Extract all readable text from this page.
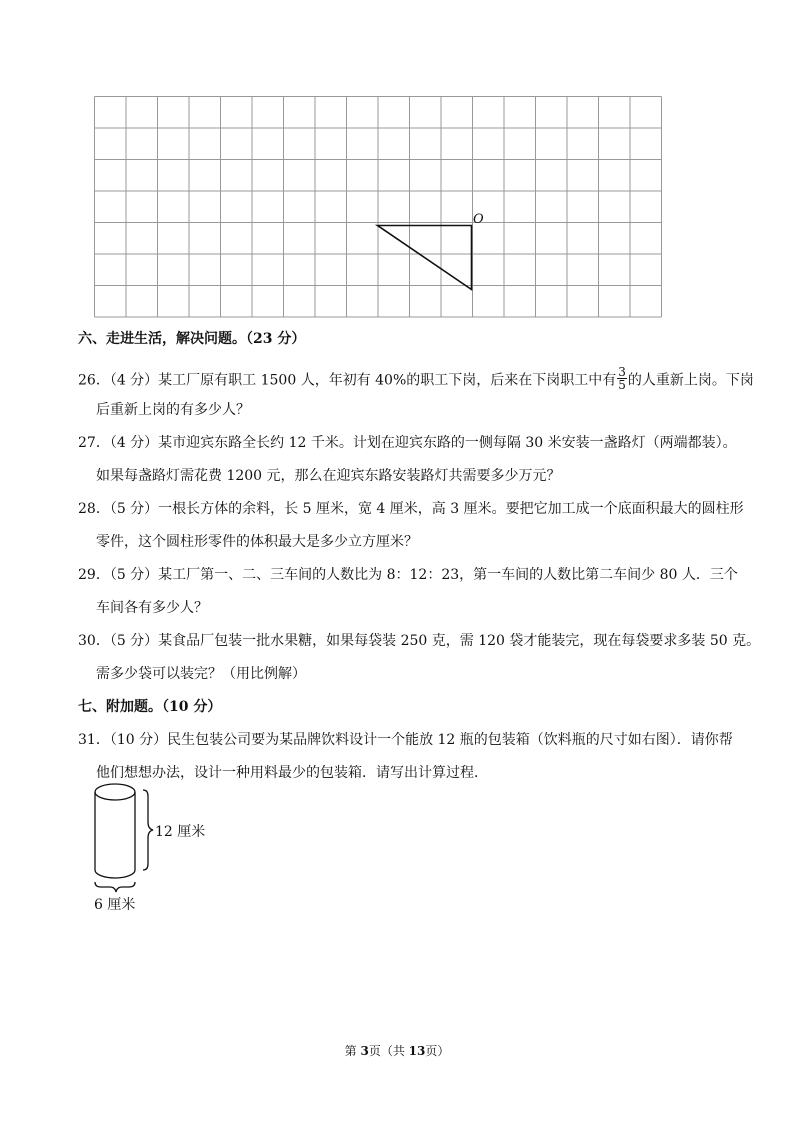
O
六、走进生活，解决问题。（23 分）
26．（4 分）某工厂原有职工 1500 人，年初有 40%的职工下岗，后来在下岗职工中有 $\frac{3}{5}$ 的人重新上岗。下岗
后重新上岗的有多少人？
27．（4 分）某市迎宾东路全长约 12 千米。计划在迎宾东路的一侧每隔 30 米安装一盏路灯（两端都装）。
如果每盏路灯需花费 1200 元，那么在迎宾东路安装路灯共需要多少万元？
28．（5 分）一根长方体的余料，长 5 厘米，宽 4 厘米，高 3 厘米。要把它加工成一个底面积最大的圆柱形
零件，这个圆柱形零件的体积最大是多少立方厘米？
29．（5 分）某工厂第一、二、三车间的人数比为 8：12：23，第一车间的人数比第二车间少 80 人．三个
车间各有多少人？
30．（5 分）某食品厂包装一批水果糖，如果每袋装 250 克，需 120 袋才能装完，现在每袋要求多装 50 克。
需多少袋可以装完？（用比例解）
七、附加题。（10 分）
31．（10 分）民生包装公司要为某品牌饮料设计一个能放 12 瓶的包装箱（饮料瓶的尺寸如右图）．请你帮
他们想想办法，设计一种用料最少的包装箱．请写出计算过程．
12 厘米
6 厘米
第 3页（共 13页）
